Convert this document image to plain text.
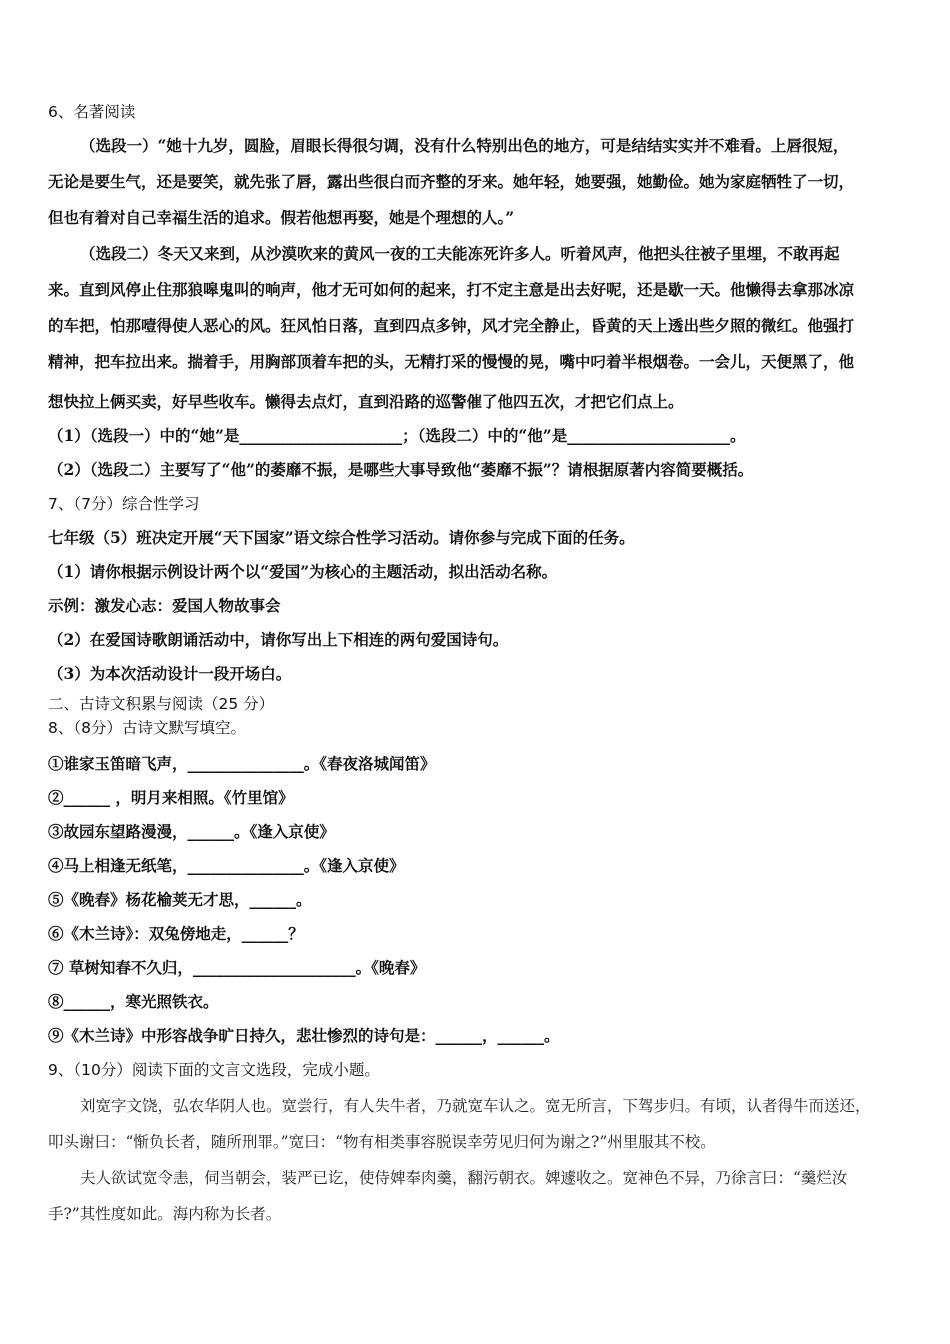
6、名著阅读
（选段一）“她十九岁，圆脸，眉眼长得很匀调，没有什么特别出色的地方，可是结结实实并不难看。上唇很短，
无论是要生气，还是要笑，就先张了唇，露出些很白而齐整的牙来。她年轻，她要强，她勤俭。她为家庭牺牲了一切，
但也有着对自己幸福生活的追求。假若他想再娶，她是个理想的人。”
（选段二）冬天又来到，从沙漠吹来的黄风一夜的工夫能冻死许多人。听着风声，他把头往被子里埋，不敢再起
来。直到风停止住那狼嗥鬼叫的响声，他才无可如何的起来，打不定主意是出去好呢，还是歇一天。他懒得去拿那冰凉
的车把，怕那噎得使人恶心的风。狂风怕日落，直到四点多钟，风才完全静止，昏黄的天上透出些夕照的微红。他强打
精神，把车拉出来。揣着手，用胸部顶着车把的头，无精打采的慢慢的晃，嘴中叼着半根烟卷。一会儿，天便黑了，他
想快拉上俩买卖，好早些收车。懒得去点灯，直到沿路的巡警催了他四五次，才把它们点上。
（1）（选段一）中的“她”是_____________________；（选段二）中的“他”是_____________________。
（2）（选段二）主要写了“他”的萎靡不振，是哪些大事导致他“萎靡不振”？请根据原著内容简要概括。
7、（7分）综合性学习
七年级（5）班决定开展“天下国家”语文综合性学习活动。请你参与完成下面的任务。
（1）请你根据示例设计两个以“爱国”为核心的主题活动，拟出活动名称。
示例：激发心志：爱国人物故事会
（2）在爱国诗歌朗诵活动中，请你写出上下相连的两句爱国诗句。
（3）为本次活动设计一段开场白。
二、古诗文积累与阅读（25 分）
8、（8分）古诗文默写填空。
①谁家玉笛暗飞声，_______________。《春夜洛城闻笛》
②______ ，明月来相照。《竹里馆》
③故园东望路漫漫，______。《逢入京使》
④马上相逢无纸笔，_______________。《逢入京使》
⑤《晚春》杨花榆荚无才思，______。
⑥《木兰诗》：双兔傍地走，______？
⑦ 草树知春不久归，_____________________。《晚春》
⑧______，寒光照铁衣。
⑨《木兰诗》中形容战争旷日持久，悲壮惨烈的诗句是：______，______。
9、（10分）阅读下面的文言文选段，完成小题。
刘宽字文饶，弘农华阴人也。宽尝行，有人失牛者，乃就宽车认之。宽无所言，下驾步归。有顷，认者得牛而送还，
叩头谢曰：“惭负长者，随所刑罪。”宽曰：“物有相类事容脱误幸劳见归何为谢之?”州里服其不校。
夫人欲试宽令恚，伺当朝会，装严已讫，使侍婢奉肉羹，翻污朝衣。婢遽收之。宽神色不异，乃徐言曰：“羹烂汝
手?”其性度如此。海内称为长者。
